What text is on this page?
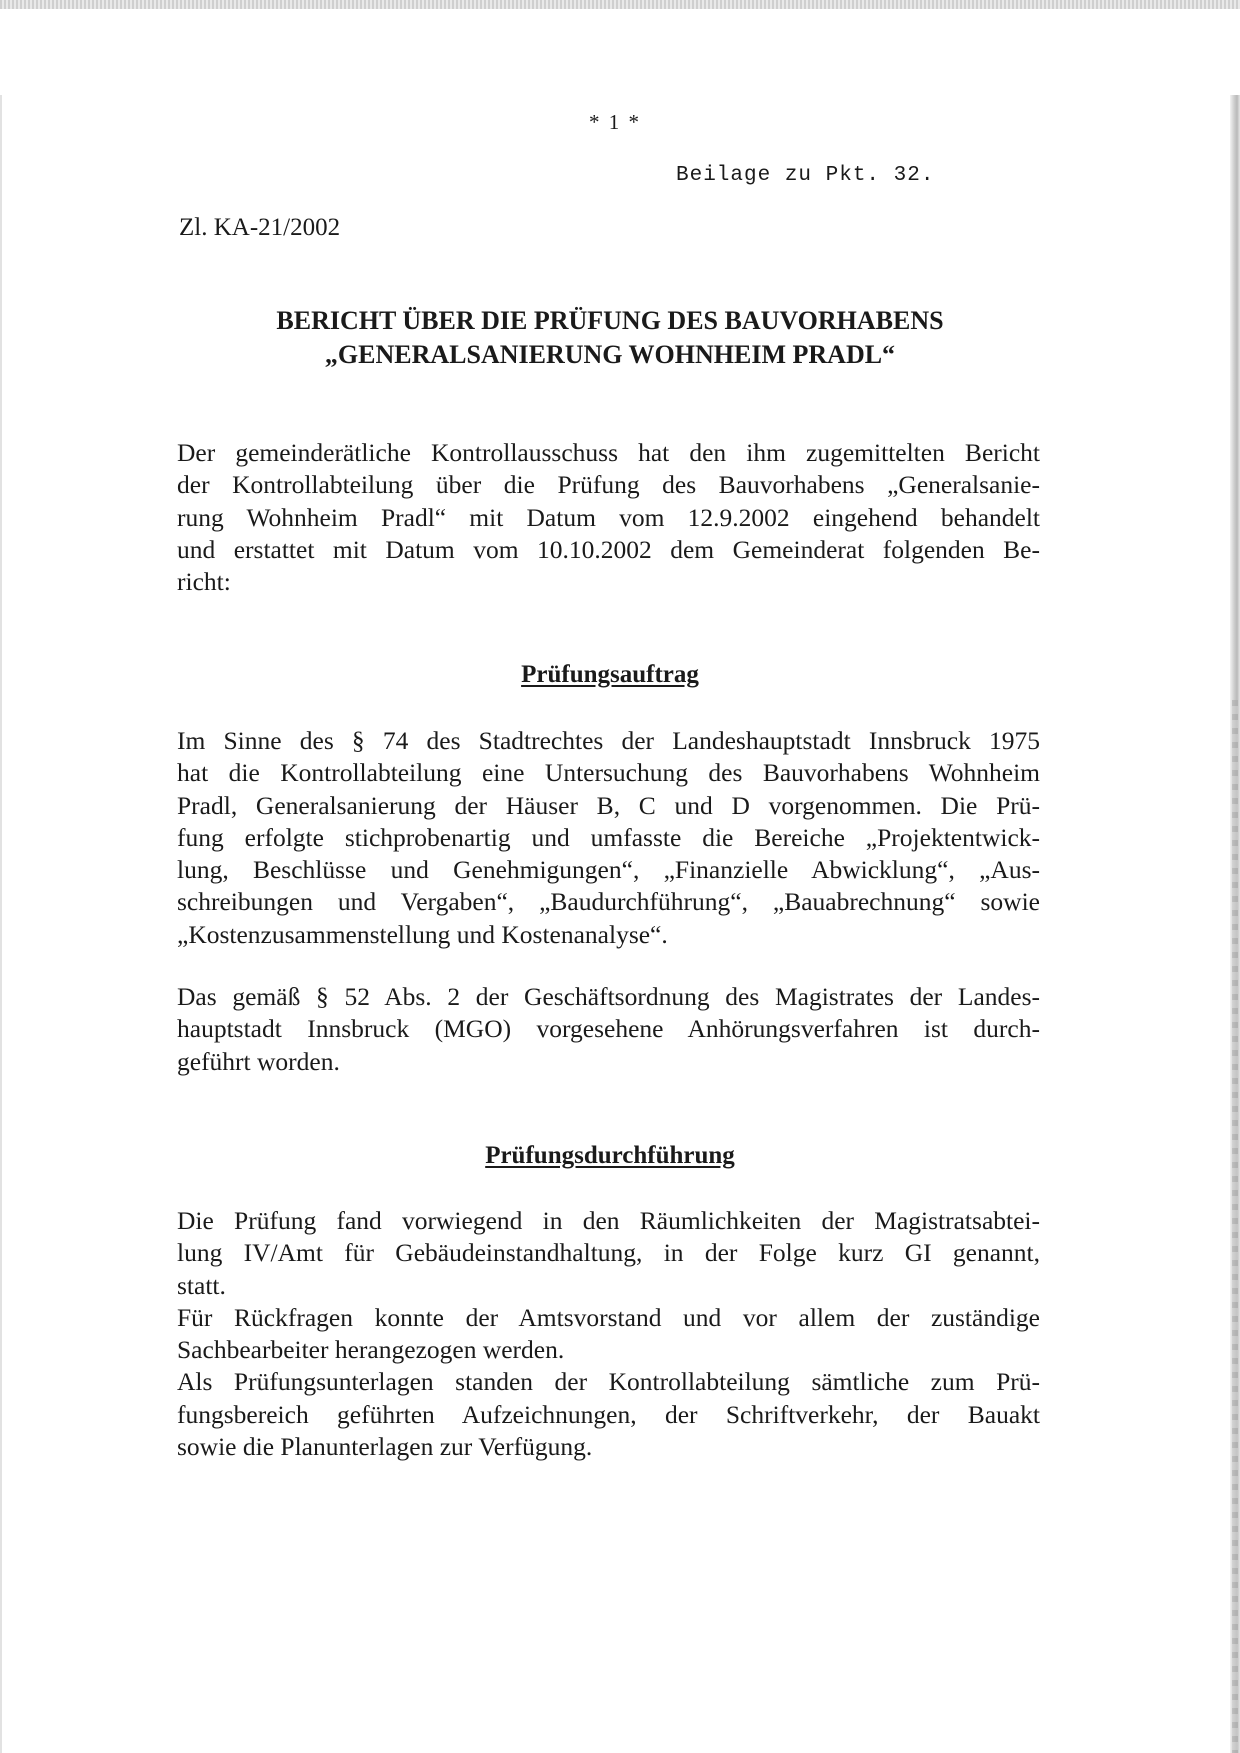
* 1 *
Beilage zu Pkt. 32.
Zl. KA-21/2002
BERICHT ÜBER DIE PRÜFUNG DES BAUVORHABENS
„GENERALSANIERUNG WOHNHEIM PRADL“
Der gemeinderätliche Kontrollausschuss hat den ihm zugemittelten Bericht
der Kontrollabteilung über die Prüfung des Bauvorhabens „Generalsanie-
rung Wohnheim Pradl“ mit Datum vom 12.9.2002 eingehend behandelt
und erstattet mit Datum vom 10.10.2002 dem Gemeinderat folgenden Be-
richt:
Prüfungsauftrag
Im Sinne des § 74 des Stadtrechtes der Landeshauptstadt Innsbruck 1975
hat die Kontrollabteilung eine Untersuchung des Bauvorhabens Wohnheim
Pradl, Generalsanierung der Häuser B, C und D vorgenommen. Die Prü-
fung erfolgte stichprobenartig und umfasste die Bereiche „Projektentwick-
lung, Beschlüsse und Genehmigungen“, „Finanzielle Abwicklung“, „Aus-
schreibungen und Vergaben“, „Baudurchführung“, „Bauabrechnung“ sowie
„Kostenzusammenstellung und Kostenanalyse“.
Das gemäß § 52 Abs. 2 der Geschäftsordnung des Magistrates der Landes-
hauptstadt Innsbruck (MGO) vorgesehene Anhörungsverfahren ist durch-
geführt worden.
Prüfungsdurchführung
Die Prüfung fand vorwiegend in den Räumlichkeiten der Magistratsabtei-
lung IV/Amt für Gebäudeinstandhaltung, in der Folge kurz GI genannt,
statt.
Für Rückfragen konnte der Amtsvorstand und vor allem der zuständige
Sachbearbeiter herangezogen werden.
Als Prüfungsunterlagen standen der Kontrollabteilung sämtliche zum Prü-
fungsbereich geführten Aufzeichnungen, der Schriftverkehr, der Bauakt
sowie die Planunterlagen zur Verfügung.
